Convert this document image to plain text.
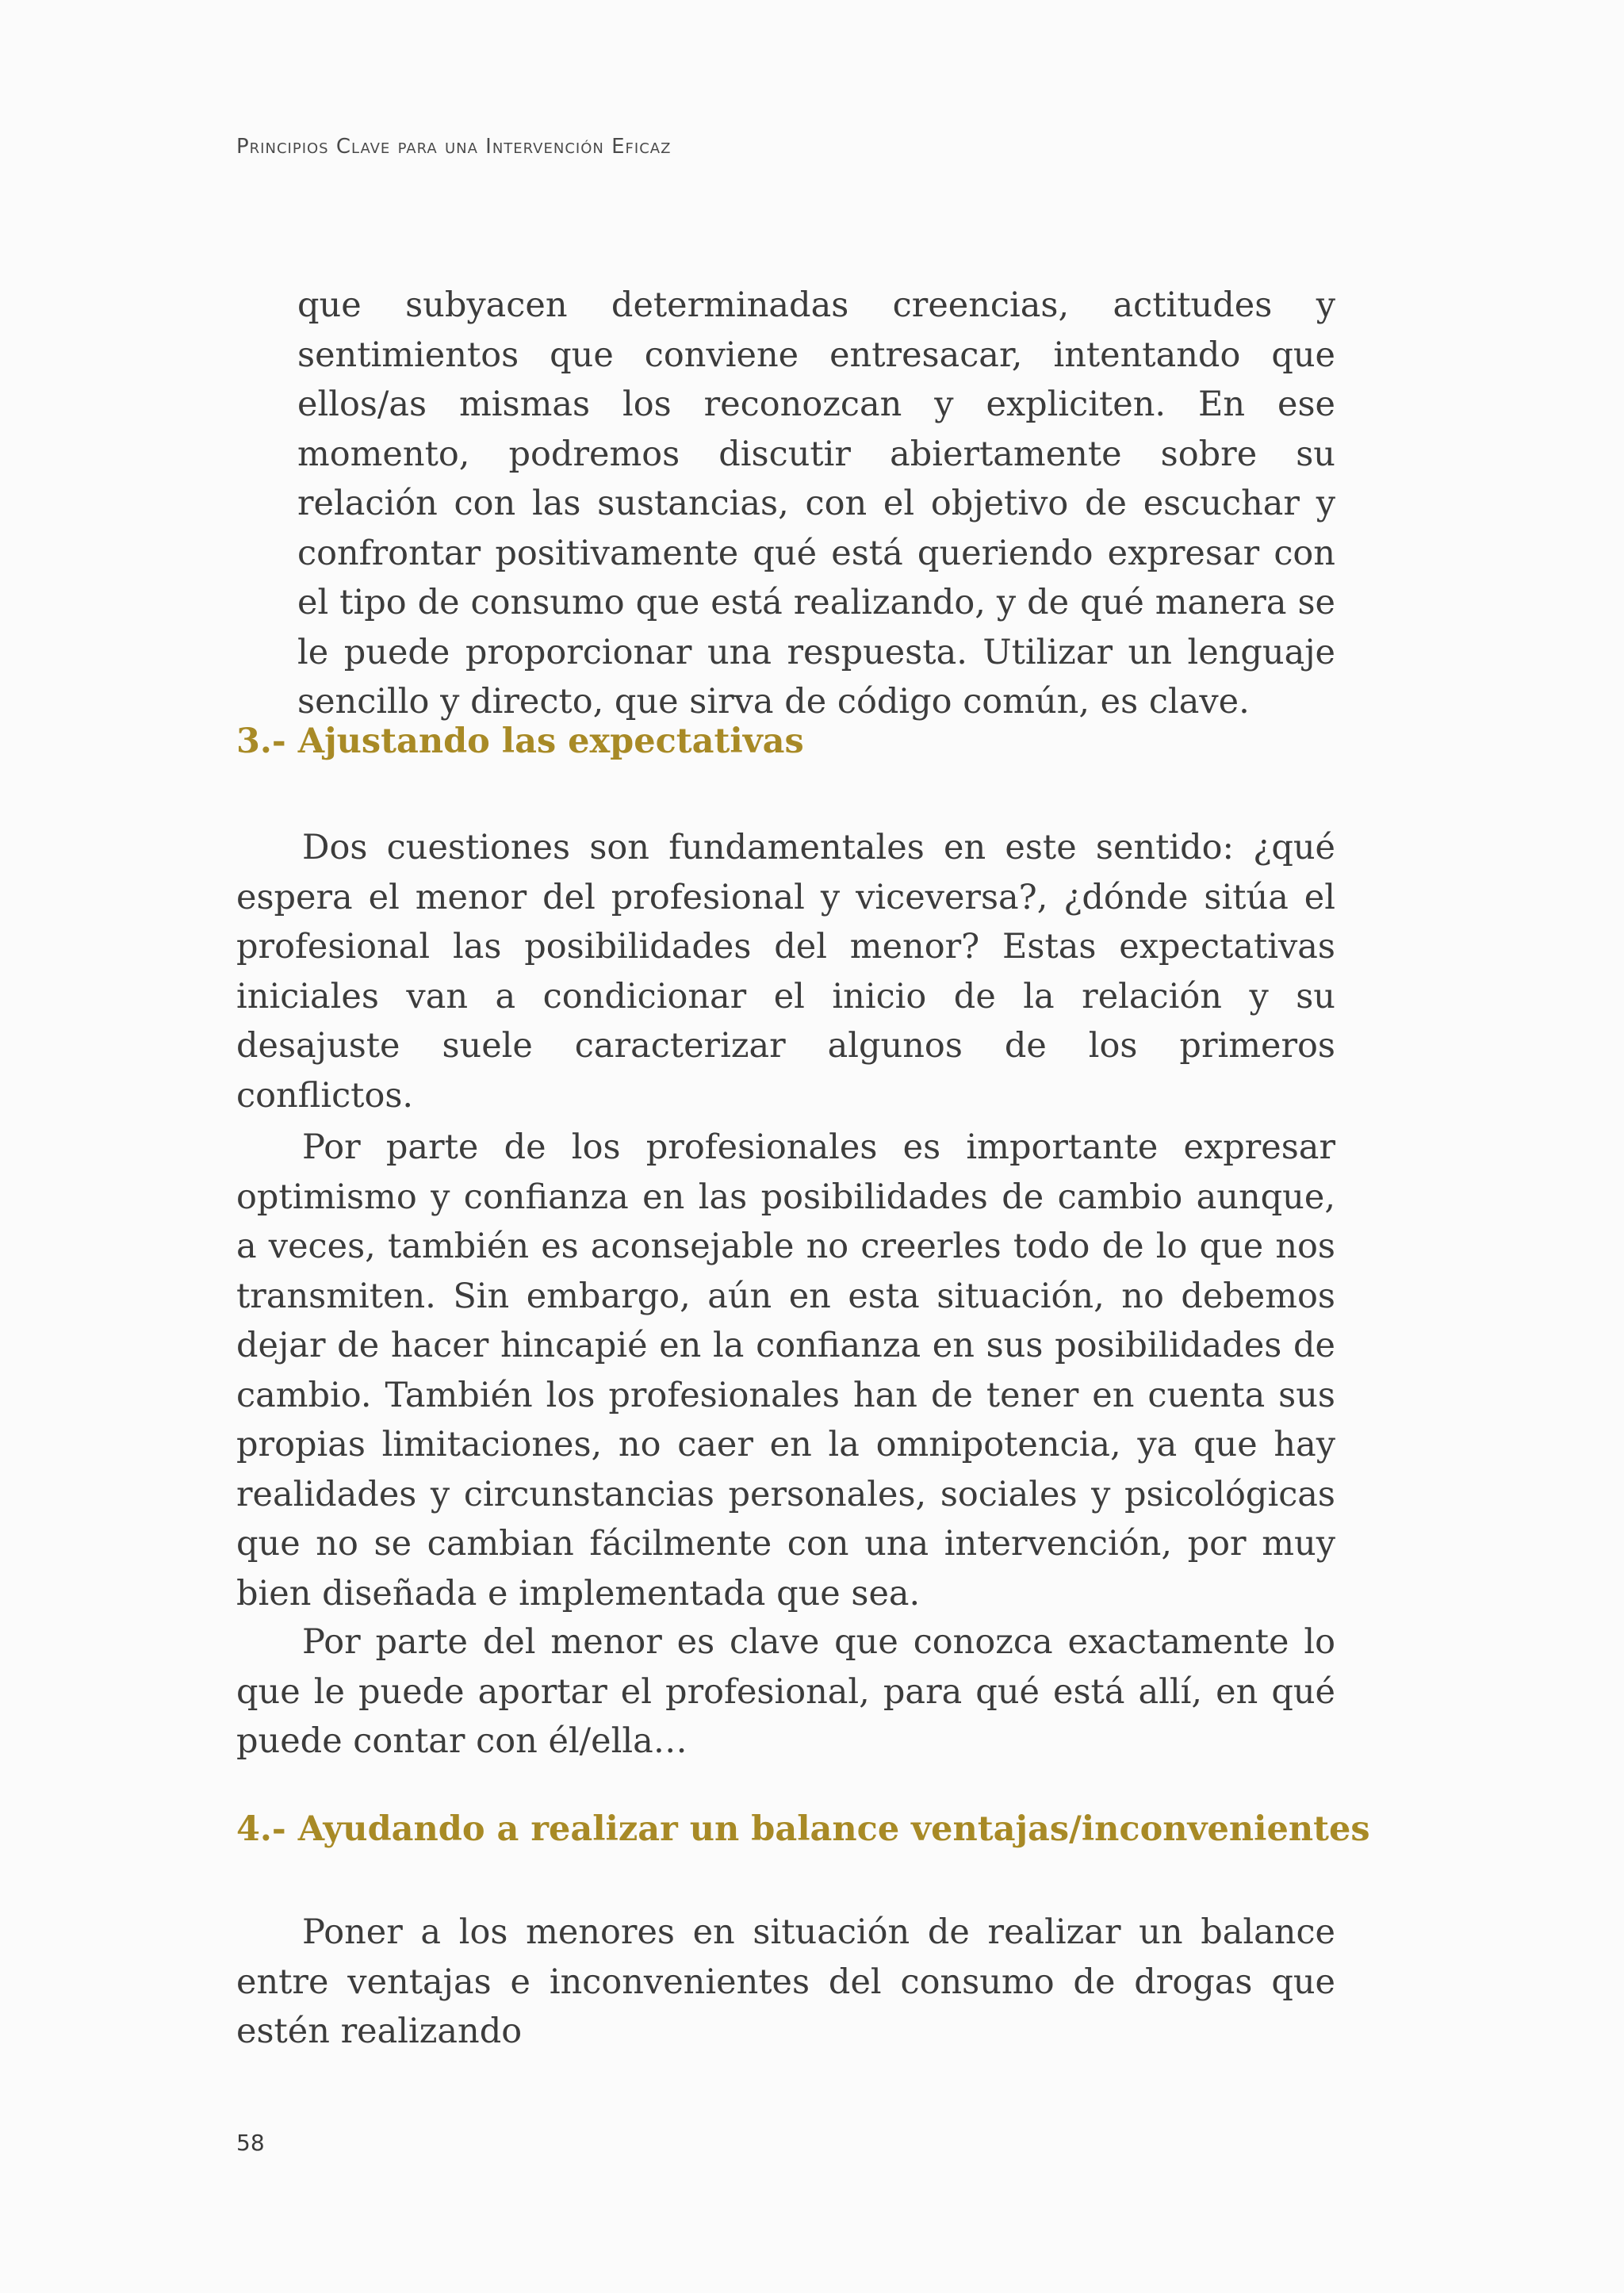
Principios Clave para una Intervención Eficaz

que subyacen determinadas creencias, actitudes y sentimientos que conviene entresacar, intentando que ellos/as mismas los reconozcan y expliciten. En ese momento, podremos discutir abiertamente sobre su relación con las sustancias, con el objetivo de escuchar y confrontar positivamente qué está queriendo expresar con el tipo de consumo que está realizando, y de qué manera se le puede proporcionar una respuesta. Utilizar un lenguaje sencillo y directo, que sirva de código común, es clave.

3.- Ajustando las expectativas

Dos cuestiones son fundamentales en este sentido: ¿qué espera el menor del profesional y viceversa?, ¿dónde sitúa el profesional las posibilidades del menor? Estas expectativas iniciales van a condicionar el inicio de la relación y su desajuste suele caracterizar algunos de los primeros conflictos.

Por parte de los profesionales es importante expresar optimismo y confianza en las posibilidades de cambio aunque, a veces, también es aconsejable no creerles todo de lo que nos transmiten. Sin embargo, aún en esta situación, no debemos dejar de hacer hincapié en la confianza en sus posibilidades de cambio. También los profesionales han de tener en cuenta sus propias limitaciones, no caer en la omnipotencia, ya que hay realidades y circunstancias personales, sociales y psicológicas que no se cambian fácilmente con una intervención, por muy bien diseñada e implementada que sea.

Por parte del menor es clave que conozca exactamente lo que le puede aportar el profesional, para qué está allí, en qué puede contar con él/ella…

4.- Ayudando a realizar un balance ventajas/inconvenientes

Poner a los menores en situación de realizar un balance entre ventajas e inconvenientes del consumo de drogas que estén realizando

58
